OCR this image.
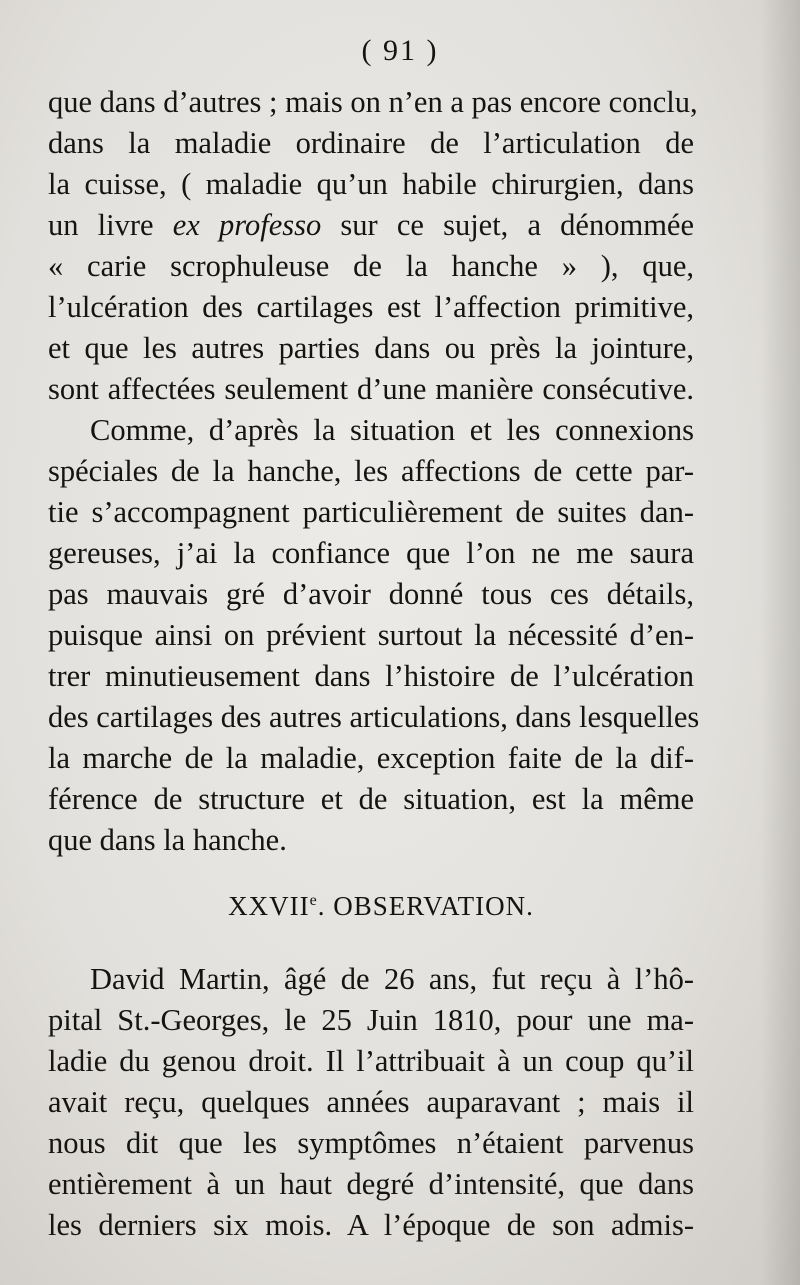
( 91 )
que dans d’autres ; mais on n’en a pas encore conclu,
dans la maladie ordinaire de l’articulation de
la cuisse, ( maladie qu’un habile chirurgien, dans
un livre ex professo sur ce sujet, a dénommée
« carie scrophuleuse de la hanche » ), que,
l’ulcération des cartilages est l’affection primitive,
et que les autres parties dans ou près la jointure,
sont affectées seulement d’une manière consécutive.
Comme, d’après la situation et les connexions
spéciales de la hanche, les affections de cette par-
tie s’accompagnent particulièrement de suites dan-
gereuses, j’ai la confiance que l’on ne me saura
pas mauvais gré d’avoir donné tous ces détails,
puisque ainsi on prévient surtout la nécessité d’en-
trer minutieusement dans l’histoire de l’ulcération
des cartilages des autres articulations, dans lesquelles
la marche de la maladie, exception faite de la dif-
férence de structure et de situation, est la même
que dans la hanche.
XXVIIe. OBSERVATION.
David Martin, âgé de 26 ans, fut reçu à l’hô-
pital St.-Georges, le 25 Juin 1810, pour une ma-
ladie du genou droit. Il l’attribuait à un coup qu’il
avait reçu, quelques années auparavant ; mais il
nous dit que les symptômes n’étaient parvenus
entièrement à un haut degré d’intensité, que dans
les derniers six mois. A l’époque de son admis-
